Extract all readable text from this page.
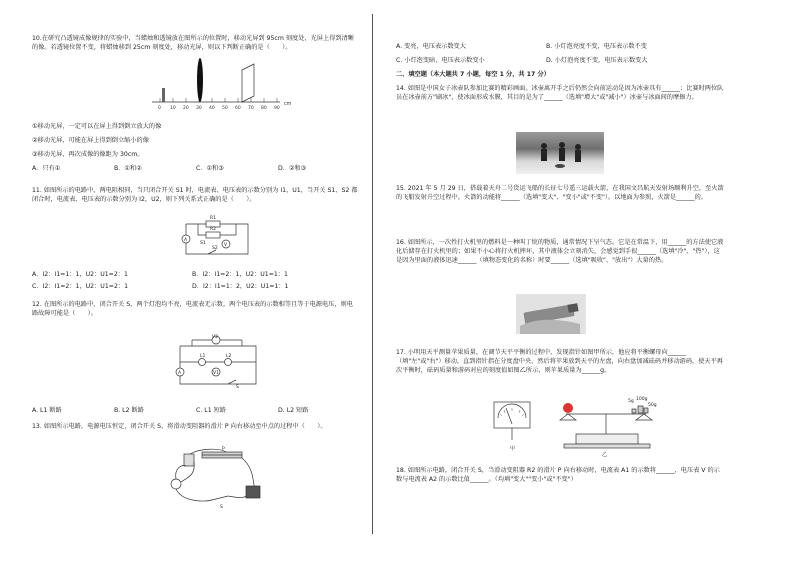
10.在研究凸透镜成像规律的实验中，当蜡烛和透镜放在图所示的位置时，移动光屏到 95cm 刻度处，光屏上得到清晰的像。若透镜位置不变，将蜡烛移到 25cm 刻度处，移动光屏，则以下判断正确的是（　　）。
0 10 20 30 40 50 60 70 80 90
cm
①移动光屏，一定可以在屏上得到倒立放大的像
②移动光屏，可能在屏上得到倒立缩小的像
③移动光屏，再次成像的像距为 30cm。
A．只有①	B．①和②	C．①和③	D．②和③
11. 如图所示的电路中，两电阻相同，当只闭合开关 S1 时，电流表、电压表的示数分别为 I1，U1，当开关 S1、S2 都闭合时，电流表、电压表的示数分别为 I2，U2，则下列关系式正确的是（　　）。
R1
R2
S1
S2
V
A
A．I2：I1=1：1，U2：U1=2：1	B．I2：I1=2：1，U2：U1=1：1
C．I2：I1=2：1，U2：U1=2：1	D．I2：I1=1：2，U2：U1=1：1
12. 在图所示的电路中，闭合开关 S，两个灯泡均不亮，电流表无示数，两个电压表的示数相等且等于电源电压，则电路故障可能是（　　）。
V2
L1	L2
A	V1
S
A. L1 断路	B. L2 断路	C. L1 短路	D. L2 短路
13. 如图所示电路，电源电压恒定，闭合开关 S，将滑动变阻器的滑片 P 向右移动至中点的过程中（　　）。
P
S
A. 变亮，电压表示数变大	B. 小灯泡亮度不变，电压表示数不变
C. 小灯泡变暗，电压表示数变小	D. 小灯泡亮度不变，电压表示数变大
二、填空题（本大题共 7 小题，每空 1 分，共 17 分）
14. 如图是中国女子冰壶队参加比赛的精彩画面。冰壶离开手之后仍然会向前运动是因为冰壶具有______；比赛时两位队员在冰壶前方"刷冰"，使冰面形成水膜，其目的是为了______（选填"增大"或"减小"）冰壶与冰面间的摩擦力。
15. 2021 年 5 月 29 日，搭载着天舟二号货运飞船的长征七号遥三运载火箭，在我国文昌航天发射场顺利升空，至火箭的飞船发射升空过程中，火箭的动能将______（选填"变大"、"变小"或"不变"）。以地面为参照，火箭是______的。
16. 如图所示，一次性打火机里的燃料是一种叫丁烷的物质，通常情况下呈气态。它是在常温下，用______的方法使它液化后储存在打火机里的；如果不小心将打火机摔坏，其中液体会立刻消失，会感觉到手很______（选填"冷"、"热"），这是因为里面的液体迅速______（填物态变化的名称）时要______（选填"吸收"、"放出"）大量的热。
17. 小明用天平测量苹果质量，在调节天平平衡的过程中，发现指针如图甲所示，他应将平衡螺母向______（填"左"或"右"）移动，直到指针指在分度盘中央。然后将苹果放到天平的左盘，向右盘加减砝码并移动游码，使天平再次平衡时，砝码质量和游码对应的刻度值如图乙所示，则苹果质量为______g。
甲
5g 100g
50g
乙
18. 如图所示电路，闭合开关 S，当滑动变阻器 R2 的滑片 P 向右移动时，电流表 A1 的示数将______，电压表 V 的示数与电流表 A2 的示数比值______。（均填"变大""变小"或"不变"）
